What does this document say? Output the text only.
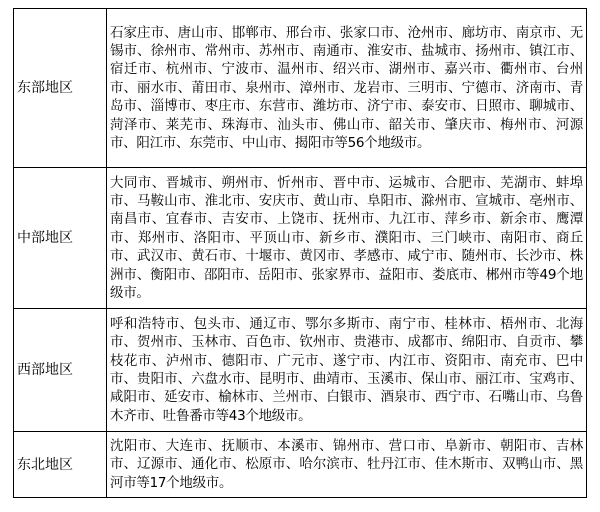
东部地区	石家庄市、唐山市、邯郸市、邢台市、张家口市、沧州市、廊坊市、南京市、无锡市、徐州市、常州市、苏州市、南通市、淮安市、盐城市、扬州市、镇江市、宿迁市、杭州市、宁波市、温州市、绍兴市、湖州市、嘉兴市、衢州市、台州市、丽水市、莆田市、泉州市、漳州市、龙岩市、三明市、宁德市、济南市、青岛市、淄博市、枣庄市、东营市、潍坊市、济宁市、泰安市、日照市、聊城市、菏泽市、莱芜市、珠海市、汕头市、佛山市、韶关市、肇庆市、梅州市、河源市、阳江市、东莞市、中山市、揭阳市等56个地级市。
中部地区	大同市、晋城市、朔州市、忻州市、晋中市、运城市、合肥市、芜湖市、蚌埠市、马鞍山市、淮北市、安庆市、黄山市、阜阳市、滁州市、宣城市、亳州市、南昌市、宜春市、吉安市、上饶市、抚州市、九江市、萍乡市、新余市、鹰潭市、郑州市、洛阳市、平顶山市、新乡市、濮阳市、三门峡市、南阳市、商丘市、武汉市、黄石市、十堰市、黄冈市、孝感市、咸宁市、随州市、长沙市、株洲市、衡阳市、邵阳市、岳阳市、张家界市、益阳市、娄底市、郴州市等49个地级市。
西部地区	呼和浩特市、包头市、通辽市、鄂尔多斯市、南宁市、桂林市、梧州市、北海市、贺州市、玉林市、百色市、钦州市、贵港市、成都市、绵阳市、自贡市、攀枝花市、泸州市、德阳市、广元市、遂宁市、内江市、资阳市、南充市、巴中市、贵阳市、六盘水市、昆明市、曲靖市、玉溪市、保山市、丽江市、宝鸡市、咸阳市、延安市、榆林市、兰州市、白银市、酒泉市、西宁市、石嘴山市、乌鲁木齐市、吐鲁番市等43个地级市。
东北地区	沈阳市、大连市、抚顺市、本溪市、锦州市、营口市、阜新市、朝阳市、吉林市、辽源市、通化市、松原市、哈尔滨市、牡丹江市、佳木斯市、双鸭山市、黑河市等17个地级市。
